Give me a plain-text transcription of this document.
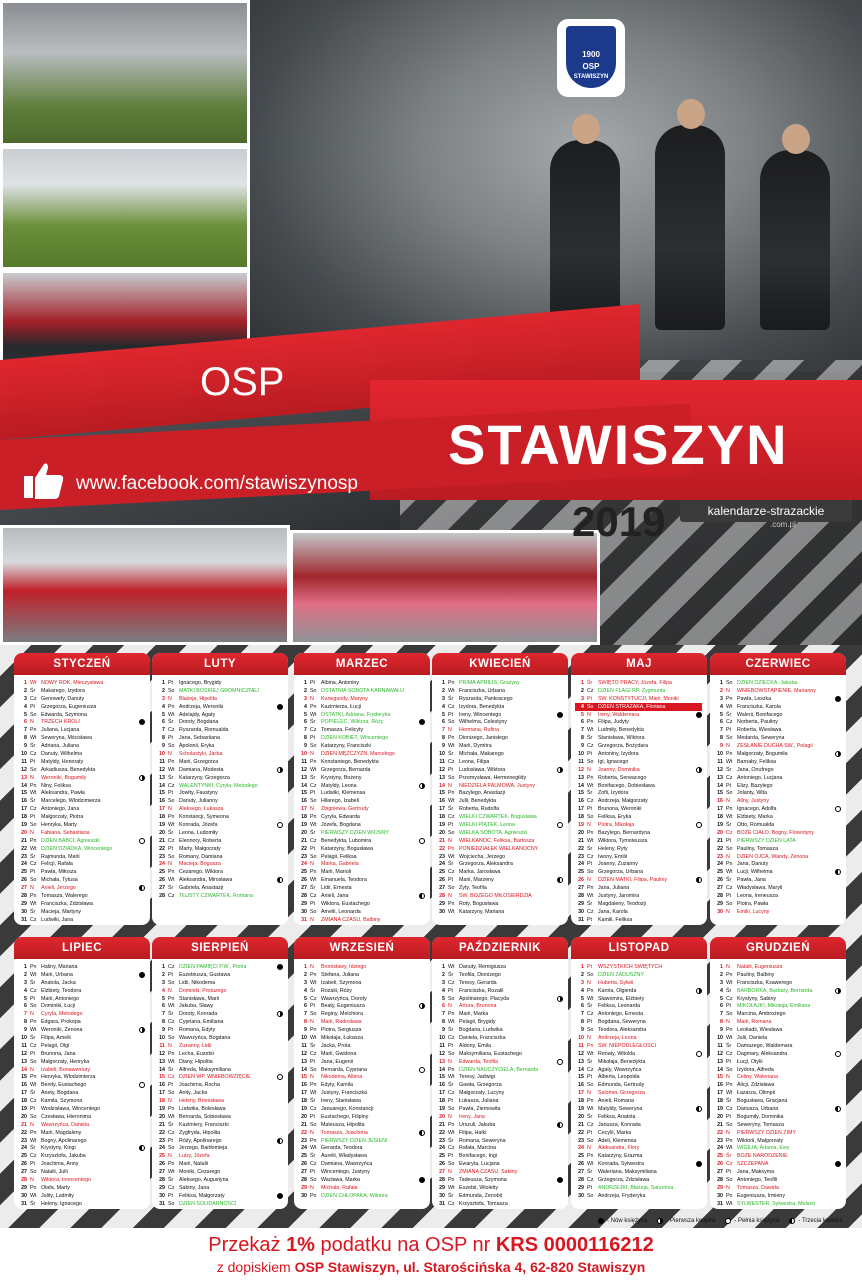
1900
OSP
STAWISZYN
OSP
STAWISZYN
www.facebook.com/stawiszynosp
2019	kalendarze-strazackie
.com.pl
STYCZEŃ
1 Wt NOWY ROK, Mieczysława
2 Śr	Makarego, Izydora
3 Cz Genowefy, Danuty
4 Pt	Grzegorza, Eugeniusza
5 So Edwarda, Szymona
6 N	TRZECH KRÓLI
7 Pn Juliana, Lucjana
8 Wt Seweryna, Mścisława
9 Śr	Adriana, Juliana
10 Cz Danuty, Wilhelma
11 Pt	Matyldy, Honoraty
12 So Arkadiusza, Benedykta
13 N	Weroniki, Bogumiły
14 Pn Niny, Feliksa
15 Wt Aleksandra, Pawła
16 Śr	Marcelego, Włodzimierza
17 Cz Antoniego, Jana
18 Pt	Małgorzaty, Piotra
19 So Henryka, Marty
20 N	Fabiana, Sebastiana
21 Pn DZIEŃ BABCI, Agnieszki
22 Wt DZIEŃ DZIADKA, Wincentego
23 Śr	Rajmunda, Marii
24 Cz Felicji, Rafała
25 Pt	Pawła, Miłosza
26 So Michała, Tytusa
27 N	Anieli, Jerzego
28 Pn Tomasza, Walerego
29 Wt Franciszka, Zdzisława
30 Śr	Macieja, Martyny
31 Cz Ludwiki, Jana
LUTY
1 Pt	Ignacego, Brygidy
2 So MATKI BOSKIEJ GROMNICZNEJ
3 N	Błażeja, Hipolita
4 Pn Andrzeja, Weroniki
5 Wt Adelajdy, Agaty
6 Śr	Doroty, Bogdana
7 Cz Ryszarda, Romualda
8 Pt	Jana, Sebastiana
9 So Apolonii, Eryka
10 N	Scholastyki, Jacka
11 Pn Marii, Grzegorza
12 Wt Damiana, Modesta
13 Śr	Katarzyny, Grzegorza
14 Cz WALENTYNKI, Cyryla, Metodego
15 Pt	Jowity, Faustyny
16 So Danuty, Julianny
17 N	Aleksego, Łukasza
18 Pn Konstancji, Symeona
19 Wt Konrada, Józefa
20 Śr	Leona, Ludomiły
21 Cz Eleonory, Roberta
22 Pt	Marty, Małgorzaty
23 So Romany, Damiana
24 N	Macieja, Bogusza
25 Pn Cezarego, Wiktora
26 Wt Aleksandra, Mirosława
27 Śr	Gabriela, Anastazji
28 Cz TŁUSTY CZWARTEK, Romana
MARZEC
1 Pt	Albina, Antoniny
2 So OSTATNIA SOBOTA KARNAWAŁU
3 N	Kunegundy, Maryny
4 Pn Kazimierza, Łucji
5 Wt OSTATKI, Adriana, Fryderyka
6 Śr	POPIELEC, Wiktora, Róży
7 Cz Tomasza, Felicyty
8 Pt	DZIEŃ KOBIET, Wincentego
9 So Katarzyny, Franciszki
10 N	DZIEŃ MĘŻCZYZN, Marcelego
11 Pn Konstantego, Benedykta
12 Wt Grzegorza, Bernarda
13 Śr	Krystyny, Bożeny
14 Cz Matyldy, Leona
15 Pt	Ludwiki, Klemensa
16 So Hilarego, Izabeli
17 N	Zbigniewa, Gertrudy
18 Pn Cyryla, Edwarda
19 Wt Józefa, Bogdana
20 Śr	PIERWSZY DZIEŃ WIOSNY
21 Cz Benedykta, Lubomira
22 Pt	Katarzyny, Bogusława
23 So Pelagii, Feliksa
24 N	Marka, Gabriela
25 Pn Marii, Marioli
26 Wt Emanuela, Teodora
27 Śr	Lidii, Ernesta
28 Cz Anieli, Jana
29 Pt	Wiktora, Eustachego
30 So Amelii, Leonarda
31 N	ZMIANA CZASU, Balbiny
KWIECIEŃ
1 Pn PRIMA APRILIS, Grażyny
2 Wt Franciszka, Urbana
3 Śr	Ryszarda, Pankracego
4 Cz Izydora, Benedykta
5 Pt	Ireny, Wincentego
6 So Wilhelma, Celestyny
7 N	Hermana, Rufina
8 Pn Dionizego, Janisłego
9 Wt Marii, Dymitra
10 Śr	Michała, Makarego
11 Cz Leona, Filipa
12 Pt	Ludosława, Wiktora
13 So Przemysława, Hermenegildy
14 N	NIEDZIELA PALMOWA, Justyny
15 Pn Bazylego, Anastazji
16 Wt Julii, Benedykta
17 Śr	Roberta, Rudolfa
18 Cz WIELKI CZWARTEK, Bogusława
19 Pt	WIELKI PIĄTEK, Leona
20 So WIELKA SOBOTA, Agnieszki
21 N	WIELKANOC, Feliksa, Bartosza
22 Pn PONIEDZIAŁEK WIELKANOCNY
23 Wt Wojciecha, Jerzego
24 Śr	Grzegorza, Aleksandra
25 Cz Marka, Jarosława
26 Pt	Marii, Marzeny
27 So Zyty, Teofila
28 N	ŚW. BOŻEGO MIŁOSIERDZIA
29 Pn Roty, Bogusława
30 Wt Katarzyny, Mariana
MAJ
1 Śr	ŚWIĘTO PRACY, Józefa, Filipa
2 Cz DZIEŃ FLAGI RP, Zygmunta
3 Pt	ŚW. KONSTYTUCJI, Marii, Moniki
4 So DZIEŃ STRAŻAKA, Floriana
5 N	Ireny, Waldemara
6 Pn Filipa, Judyty
7 Wt Ludmiły, Benedykta
8 Śr	Stanisława, Wiktora
9 Cz Grzegorza, Bożydara
10 Pt	Antoniny, Izydora
11 So Igi, Ignacego
12 N	Joanny, Dominika
13 Pn Roberta, Serwacego
14 Wt Bonifacego, Dobiesława
15 Śr	Zofii, Izydora
16 Cz Andrzeja, Małgorzaty
17 Pt	Brunona, Weroniki
18 So Feliksa, Eryka
19 N	Piotra, Mikołaja
20 Pn Bazylego, Bernardyna
21 Wt Wiktora, Tymoteusza
22 Śr	Heleny, Ryty
23 Cz Iwony, Emilii
24 Pt	Joanny, Zuzanny
25 So Grzegorza, Urbana
26 N	DZIEŃ MATKI, Filipa, Pauliny
27 Pn Jana, Juliana
28 Wt Justyny, Jaromira
29 Śr	Magdaleny, Teodozji
30 Cz Jana, Karola
31 Pt	Kamili, Feliksa
CZERWIEC
1 So DZIEŃ DZIECKA, Jakuba
2 N	WNIEBOWSTĄPIENIE, Marianny
3 Pn Pawła, Leszka
4 Wt Franciszka, Karola
5 Śr	Walerii, Bonifacego
6 Cz Norberta, Pauliny
7 Pt	Roberta, Wiesława
8 So Medarda, Seweryna
9 N	ZESŁANIE DUCHA ŚW., Pelagii
10 Pn Małgorzaty, Bogumiła
11 Wt Barnaby, Feliksa
12 Śr	Jana, Onufrego
13 Cz Antoniego, Lucjana
14 Pt	Elizy, Bazylego
15 So Jolanty, Wita
16 N	Aliny, Justyny
17 Pn Ignacego, Adolfa
18 Wt Elżbiety, Marka
19 Śr	Otto, Romualda
20 Cz BOŻE CIAŁO, Bogny, Florentyny
21 Pt	PIERWSZY DZIEŃ LATA
22 So Pauliny, Tomasza
23 N	DZIEŃ OJCA, Wandy, Zenona
24 Pn Jana, Danuty
25 Wt Lucji, Wilhelma
26 Śr	Pawła, Jana
27 Cz Władysława, Maryli
28 Pt	Leona, Ireneusza
29 So Piotra, Pawła
30 N	Emilii, Lucyny
LIPIEC
1 Pn Haliny, Mariana
2 Wt Marii, Urbana
3 Śr	Anatola, Jacka
4 Cz Elżbiety, Teodora
5 Pt	Marii, Antoniego
6 So Dominiki, Łucji
7 N	Cyryla, Metodego
8 Pn Edgara, Prokopa
9 Wt Weroniki, Zenona
10 Śr	Filipa, Amelii
11 Cz Pelagii, Olgi
12 Pt	Brunona, Jana
13 So Małgorzaty, Henryka
14 N	Izabeli, Bonawentury
15 Pn Henryka, Włodzimierza
16 Wt Benity, Eustachego
17 Śr	Anety, Bogdana
18 Cz Kamila, Szymona
19 Pt	Wodzisława, Wincentego
20 So Czesława, Hieronima
21 N	Wawrzyńca, Daniela
22 Pn Marii, Magdaleny
23 Wt Bogny, Apolinarego
24 Śr	Krystyny, Kingi
25 Cz Krzysztofa, Jakuba
26 Pt	Joachima, Anny
27 So Natalii, Julii
28 N	Wiktora, Innocentego
29 Pn Olafa, Marty
30 Wt Julity, Ludmiły
31 Śr	Heleny, Ignacego
SIERPIEŃ
1 Cz DZIEŃ PAMIĘCI P.W., Piotra
2 Pt	Euzebiusza, Gustawa
3 So Lidii, Nikodema
4 N	Dominiki, Protazego
5 Pn Stanisława, Marii
6 Wt Jakuba, Sławy
7 Śr	Doroty, Konrada
8 Cz Cypriana, Emiliana
9 Pt	Romana, Edyty
10 So Wawrzyńca, Bogdana
11 N	Zuzanny, Lidii
12 Pn Lecha, Euzebii
13 Wt Diany, Hipolita
14 Śr	Alfreda, Maksymiliana
15 Cz DZIEŃ WP, WNIEBOWZIĘCIE
16 Pt	Joachima, Rocha
17 So Anity, Jacka
18 N	Heleny, Bronisława
19 Pn Ludwika, Bolesława
20 Wt Bernarda, Sobiesława
21 Śr	Kazimiery, Franciszki
22 Cz Zygfryda, Hipolita
23 Pt	Róży, Apolinarego
24 So Jerzego, Bartłomieja
25 N	Luizy, Józefa
26 Pn Marii, Natalii
27 Wt Moniki, Cezarego
28 Śr	Aleksego, Augustyna
29 Cz Sabiny, Jana
30 Pt	Feliksa, Małgorzaty
31 So DZIEŃ SOLIDARNOŚCI
WRZESIEŃ
1 N	Bronisławy, Idziego
2 Pn Stefana, Juliana
3 Wt Izabeli, Szymona
4 Śr	Rozalii, Róży
5 Cz Wawrzyńca, Doroty
6 Pt	Beaty, Eugeniusza
7 So Reginy, Melchiora
8 N	Marii, Radosława
9 Pn Piotra, Sergiusza
10 Wt Mikołaja, Łukasza
11 Śr	Jacka, Prota
12 Cz Marii, Gwidona
13 Pt	Jana, Eugenii
14 So Bernarda, Cypriana
15 N	Nikodema, Albina
16 Pn Edyty, Kamila
17 Wt Justyny, Franciszka
18 Śr	Ireny, Stanisława
19 Cz Januarego, Konstancji
20 Pt	Eustachego, Filipiny
21 So Mateusza, Hipolita
22 N	Tomasza, Joachima
23 Pn PIERWSZY DZIEŃ JESIENI
24 Wt Gerarda, Teodora
25 Śr	Aurelii, Władysława
26 Cz Damiana, Wawrzyńca
27 Pt	Wincentego, Justyny
28 So Wacława, Marka
29 N	Michała, Rafała
30 Pn DZIEŃ CHŁOPAKA, Wiktora
PAŹDZIERNIK
1 Wt Danuty, Remigiusza
2 Śr	Teofila, Dionizego
3 Cz Teresy, Gerarda
4 Pt	Franciszka, Rozalii
5 So Apolinarego, Placyda
6 N	Artura, Brunona
7 Pn Marii, Marka
8 Wt Pelagii, Brygidy
9 Śr	Bogdana, Ludwika
10 Cz Daniela, Franciszka
11 Pt	Aldony, Emila
12 So Maksymiliana, Eustachego
13 N	Edwarda, Teofila
14 Pn DZIEŃ NAUCZYCIELA, Bernarda
15 Wt Teresy, Jadwigi
16 Śr	Gawła, Grzegorza
17 Cz Małgorzaty, Lucyny
18 Pt	Łukasza, Juliana
19 So Pawła, Ziemowita
20 N	Ireny, Jana
21 Pn Urszuli, Jakuba
22 Wt Filipa, Halki
23 Śr	Romana, Seweryna
24 Cz Rafała, Marcina
25 Pt	Bonifacego, Ingi
26 So Ewaryta, Lucjana
27 N	ZMIANA CZASU, Sabiny
28 Pn Tadeusza, Szymona
29 Wt Euzebii, Wioletty
30 Śr	Edmunda, Zenobii
31 Cz Krzysztofa, Tomasza
LISTOPAD
1 Pt	WSZYSTKICH ŚWIĘTYCH
2 So DZIEŃ ZADUSZNY
3 N	Huberta, Sylwii
4 Pn Karola, Olgierda
5 Wt Sławomira, Elżbiety
6 Śr	Feliksa, Leonarda
7 Cz Antoniego, Ernesta
8 Pt	Bogdana, Seweryna
9 So Teodora, Aleksandra
10 N	Andrzeja, Leona
11 Pn ŚW. NIEPODLEGŁOŚCI
12 Wt Renaty, Witolda
13 Śr	Mikołaja, Benedykta
14 Cz Agaty, Wawrzyńca
15 Pt	Alberta, Leopolda
16 So Edmunda, Gertrudy
17 N	Salomei, Grzegorza
18 Pn Anieli, Romana
19 Wt Matyldy, Seweryna
20 Śr	Feliksa, Anatola
21 Cz Janusza, Konrada
22 Pt	Cecylii, Marka
23 So Adeli, Klemensa
24 N	Aleksandra, Flory
25 Pn Katarzyny, Erazma
26 Wt Konrada, Sylwestra
27 Śr	Waleriana, Maksymiliana
28 Cz Grzegorza, Zdzisława
29 Pt	ANDRZEJKI, Błażeja, Saturnina
30 So Andrzeja, Fryderyka
GRUDZIEŃ
1 N	Natalii, Eugeniusza
2 Pn Pauliny, Balbiny
3 Wt Franciszka, Ksawerego
4 Śr	BARBÓRKA, Barbary, Bernarda
5 Cz Krystyny, Sabiny
6 Pt	MIKOŁAJKI, Mikołaja, Emiliana
7 So Marcina, Ambrożego
8 N	Marii, Romana
9 Pn Leokadii, Wiesława
10 Wt Julii, Daniela
11 Śr	Damazego, Waldemara
12 Cz Dagmary, Aleksandra
13 Pt	Łucji, Otylii
14 So Izydora, Alfreda
15 N	Celiny, Waleriana
16 Pn Alicji, Zdzisława
17 Wt Łazarza, Olimpii
18 Śr	Bogusława, Gracjana
19 Cz Dariusza, Urbana
20 Pt	Bogumiły, Dominika
21 So Seweryny, Tomasza
22 N	PIERWSZY DZIEŃ ZIMY
23 Pn Wiktorii, Małgorzaty
24 Wt WIGILIA, Adama, Ewy
25 Śr	BOŻE NARODZENIE
26 Cz SZCZEPANA
27 Pt	Jana, Maksyma
28 So Antoniego, Teofili
29 N	Tomasza, Dawida
30 Pn Eugeniusza, Irmieny
31 Wt SYLWESTER, Sylwestra, Melanii
- Nów księżyca	- Pierwsza kwadra	- Pełnia księżyca	- Trzecia kwadra
Przekaż 1% podatku na OSP nr KRS 0000116212
z dopiskiem OSP Stawiszyn, ul. Starościńska 4, 62-820 Stawiszyn
